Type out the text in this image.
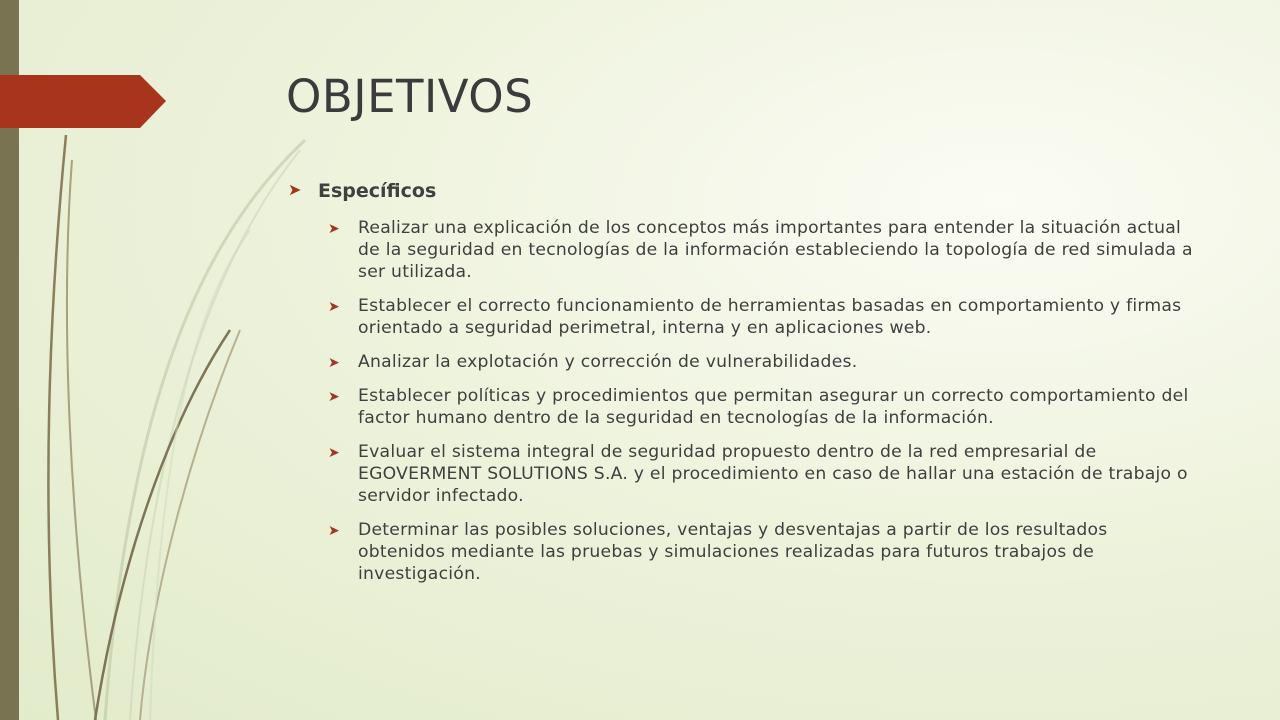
OBJETIVOS
➤ Específicos
➤ Realizar una explicación de los conceptos más importantes para entender la situación actual de la seguridad en tecnologías de la información estableciendo la topología de red simulada a ser utilizada.
➤ Establecer el correcto funcionamiento de herramientas basadas en comportamiento y firmas orientado a seguridad perimetral, interna y en aplicaciones web.
➤ Analizar la explotación y corrección de vulnerabilidades.
➤ Establecer políticas y procedimientos que permitan asegurar un correcto comportamiento del factor humano dentro de la seguridad en tecnologías de la información.
➤ Evaluar el sistema integral de seguridad propuesto dentro de la red empresarial de EGOVERMENT SOLUTIONS S.A. y el procedimiento en caso de hallar una estación de trabajo o servidor infectado.
➤ Determinar las posibles soluciones, ventajas y desventajas a partir de los resultados obtenidos mediante las pruebas y simulaciones realizadas para futuros trabajos de investigación.
